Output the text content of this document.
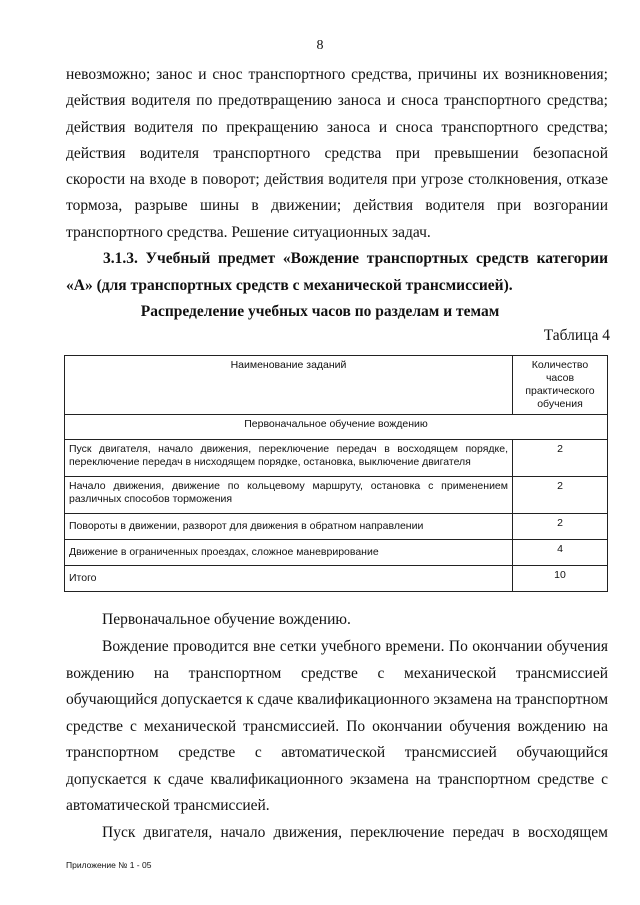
8

невозможно; занос и снос транспортного средства, причины их возникновения; действия водителя по предотвращению заноса и сноса транспортного средства; действия водителя по прекращению заноса и сноса транспортного средства; действия водителя транспортного средства при превышении безопасной скорости на входе в поворот; действия водителя при угрозе столкновения, отказе тормоза, разрыве шины в движении; действия водителя при возгорании транспортного средства. Решение ситуационных задач.

3.1.3. Учебный предмет «Вождение транспортных средств категории «А» (для транспортных средств с механической трансмиссией).

Распределение учебных часов по разделам и темам
Таблица 4
Наименование заданий	Количество часов практического обучения
Первоначальное обучение вождению	
Пуск двигателя, начало движения, переключение передач в восходящем порядке, переключение передач в нисходящем порядке, остановка, выключение двигателя	2
Начало движения, движение по кольцевому маршруту, остановка с применением различных способов торможения	2
Повороты в движении, разворот для движения в обратном направлении	2
Движение в ограниченных проездах, сложное маневрирование	4
Итого	10

Первоначальное обучение вождению.

Вождение проводится вне сетки учебного времени. По окончании обучения вождению на транспортном средстве с механической трансмиссией обучающийся допускается к сдаче квалификационного экзамена на транспортном средстве с механической трансмиссией. По окончании обучения вождению на транспортном средстве с автоматической трансмиссией обучающийся допускается к сдаче квалификационного экзамена на транспортном средстве с автоматической трансмиссией.

Пуск двигателя, начало движения, переключение передач в восходящем

Приложение № 1 - 05
